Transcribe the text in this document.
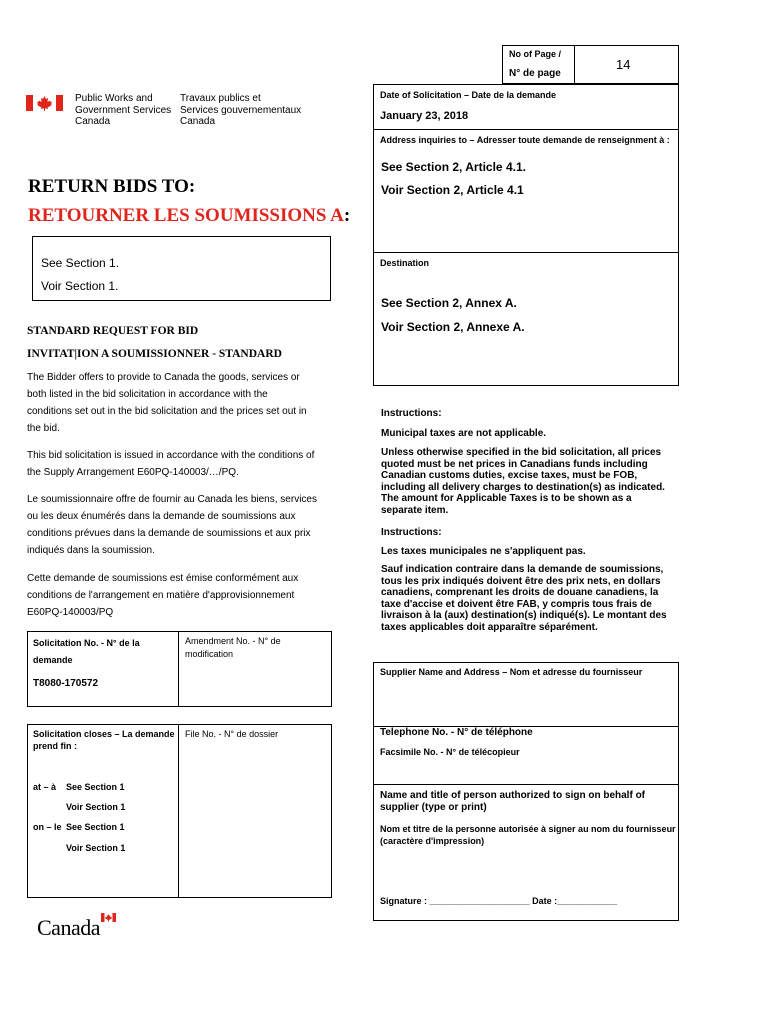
Public Works and
Government Services
Canada
Travaux publics et
Services gouvernementaux
Canada
No of Page /
N° de page
14
Date of Solicitation – Date de la demande
January 23, 2018
Address inquiries to – Adresser toute demande de renseignment à :
See Section 2, Article 4.1.
Voir Section 2, Article 4.1
Destination
See Section 2, Annex A.
Voir Section 2, Annexe A.
Instructions:
Municipal taxes are not applicable.
Unless otherwise specified in the bid solicitation, all prices
quoted must be net prices in Canadians funds including
Canadian customs duties, excise taxes, must be FOB,
including all delivery charges to destination(s) as indicated.
The amount for Applicable Taxes is to be shown as a
separate item.
Instructions:
Les taxes municipales ne s'appliquent pas.
Sauf indication contraire dans la demande de soumissions,
tous les prix indiqués doivent être des prix nets, en dollars
canadiens, comprenant les droits de douane canadiens, la
taxe d'accise et doivent être FAB, y compris tous frais de
livraison à la (aux) destination(s) indiqué(s). Le montant des
taxes applicables doit apparaître séparément.
Supplier Name and Address – Nom et adresse du fournisseur
Telephone No. - N° de téléphone
Facsimile No. - N° de télécopieur
Name and title of person authorized to sign on behalf of
supplier (type or print)
Nom et titre de la personne autorisée à signer au nom du fournisseur
(caractère d'impression)
Signature : ____________________ Date :____________
RETURN BIDS TO:
RETOURNER LES SOUMISSIONS A:
See Section 1.
Voir Section 1.
STANDARD REQUEST FOR BID
INVITAT|ION A SOUMISSIONNER - STANDARD
The Bidder offers to provide to Canada the goods, services or
both listed in the bid solicitation in accordance with the
conditions set out in the bid solicitation and the prices set out in
the bid.
This bid solicitation is issued in accordance with the conditions of
the Supply Arrangement E60PQ-140003/…/PQ.
Le soumissionnaire offre de fournir au Canada les biens, services
ou les deux énumérés dans la demande de soumissions aux
conditions prévues dans la demande de soumissions et aux prix
indiqués dans la soumission.
Cette demande de soumissions est émise conformément aux
conditions de l'arrangement en matière d'approvisionnement
E60PQ-140003/PQ
Solicitation No. - N° de la
demande
T8080-170572
Amendment No. - N° de
modification
Solicitation closes – La demande
prend fin :
File No. - N° de dossier
at – à See Section 1
Voir Section 1
on – le See Section 1
Voir Section 1
Canada
